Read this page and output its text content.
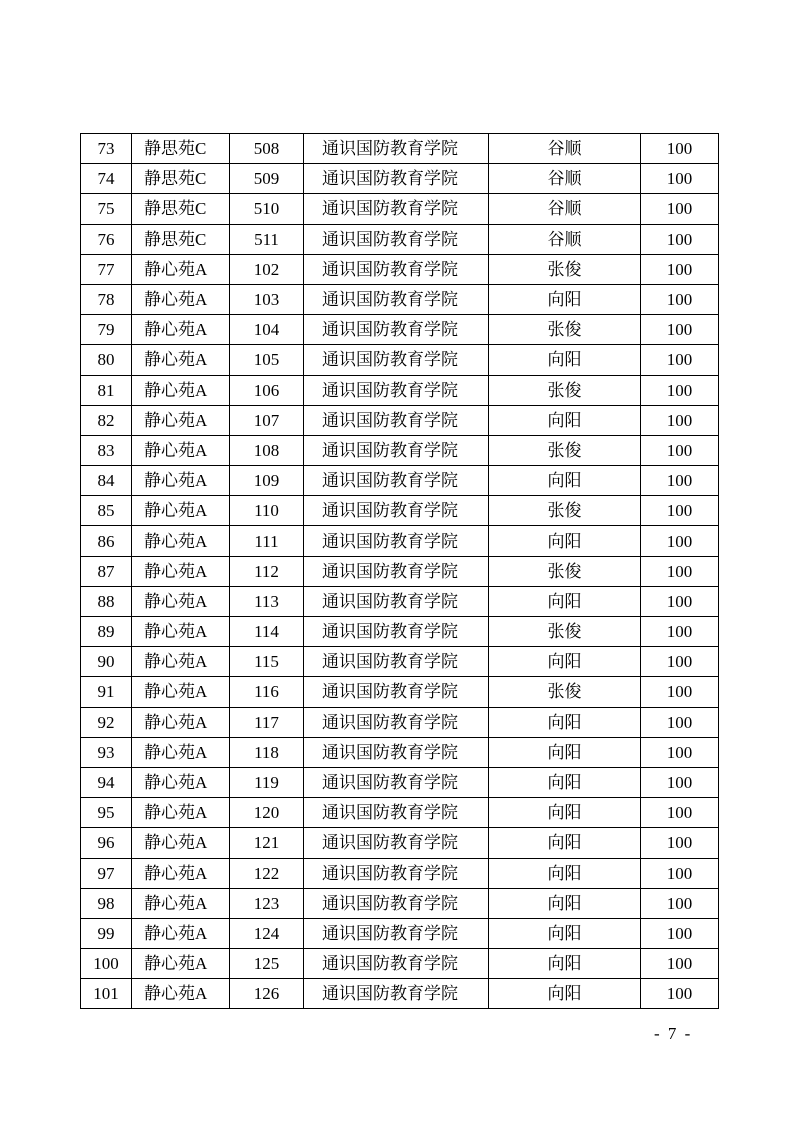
73	静思苑C	508	通识国防教育学院	谷顺	100
74	静思苑C	509	通识国防教育学院	谷顺	100
75	静思苑C	510	通识国防教育学院	谷顺	100
76	静思苑C	511	通识国防教育学院	谷顺	100
77	静心苑A	102	通识国防教育学院	张俊	100
78	静心苑A	103	通识国防教育学院	向阳	100
79	静心苑A	104	通识国防教育学院	张俊	100
80	静心苑A	105	通识国防教育学院	向阳	100
81	静心苑A	106	通识国防教育学院	张俊	100
82	静心苑A	107	通识国防教育学院	向阳	100
83	静心苑A	108	通识国防教育学院	张俊	100
84	静心苑A	109	通识国防教育学院	向阳	100
85	静心苑A	110	通识国防教育学院	张俊	100
86	静心苑A	111	通识国防教育学院	向阳	100
87	静心苑A	112	通识国防教育学院	张俊	100
88	静心苑A	113	通识国防教育学院	向阳	100
89	静心苑A	114	通识国防教育学院	张俊	100
90	静心苑A	115	通识国防教育学院	向阳	100
91	静心苑A	116	通识国防教育学院	张俊	100
92	静心苑A	117	通识国防教育学院	向阳	100
93	静心苑A	118	通识国防教育学院	向阳	100
94	静心苑A	119	通识国防教育学院	向阳	100
95	静心苑A	120	通识国防教育学院	向阳	100
96	静心苑A	121	通识国防教育学院	向阳	100
97	静心苑A	122	通识国防教育学院	向阳	100
98	静心苑A	123	通识国防教育学院	向阳	100
99	静心苑A	124	通识国防教育学院	向阳	100
100	静心苑A	125	通识国防教育学院	向阳	100
101	静心苑A	126	通识国防教育学院	向阳	100
- 7 -
